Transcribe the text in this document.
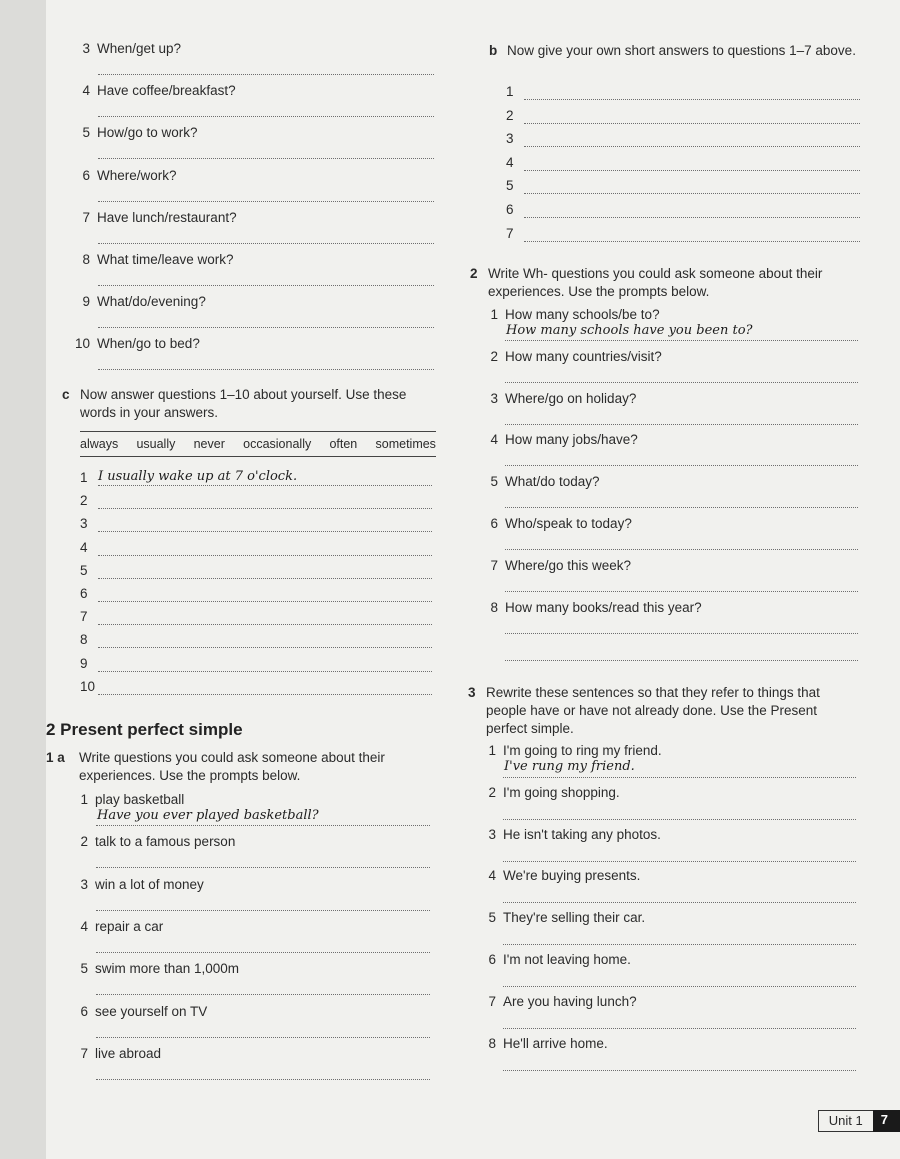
3 When/get up?
4 Have coffee/breakfast?
5 How/go to work?
6 Where/work?
7 Have lunch/restaurant?
8 What time/leave work?
9 What/do/evening?
10 When/go to bed?
c Now answer questions 1–10 about yourself. Use these words in your answers.
always usually never occasionally often sometimes
1
2
3
4
5
6
7
8
9
10
I usually wake up at 7 o'clock.
2 Present perfect simple
1 a Write questions you could ask someone about their experiences. Use the prompts below.
1 play basketball
Have you ever played basketball?
2 talk to a famous person
3 win a lot of money
4 repair a car
5 swim more than 1,000m
6 see yourself on TV
7 live abroad
b Now give your own short answers to questions 1–7 above.
1
2
3
4
5
6
7
2 Write Wh- questions you could ask someone about their experiences. Use the prompts below.
1 How many schools/be to?
How many schools have you been to?
2 How many countries/visit?
3 Where/go on holiday?
4 How many jobs/have?
5 What/do today?
6 Who/speak to today?
7 Where/go this week?
8 How many books/read this year?
3 Rewrite these sentences so that they refer to things that people have or have not already done. Use the Present perfect simple.
1 I'm going to ring my friend.
I've rung my friend.
2 I'm going shopping.
3 He isn't taking any photos.
4 We're buying presents.
5 They're selling their car.
6 I'm not leaving home.
7 Are you having lunch?
8 He'll arrive home.
Unit 1	7
